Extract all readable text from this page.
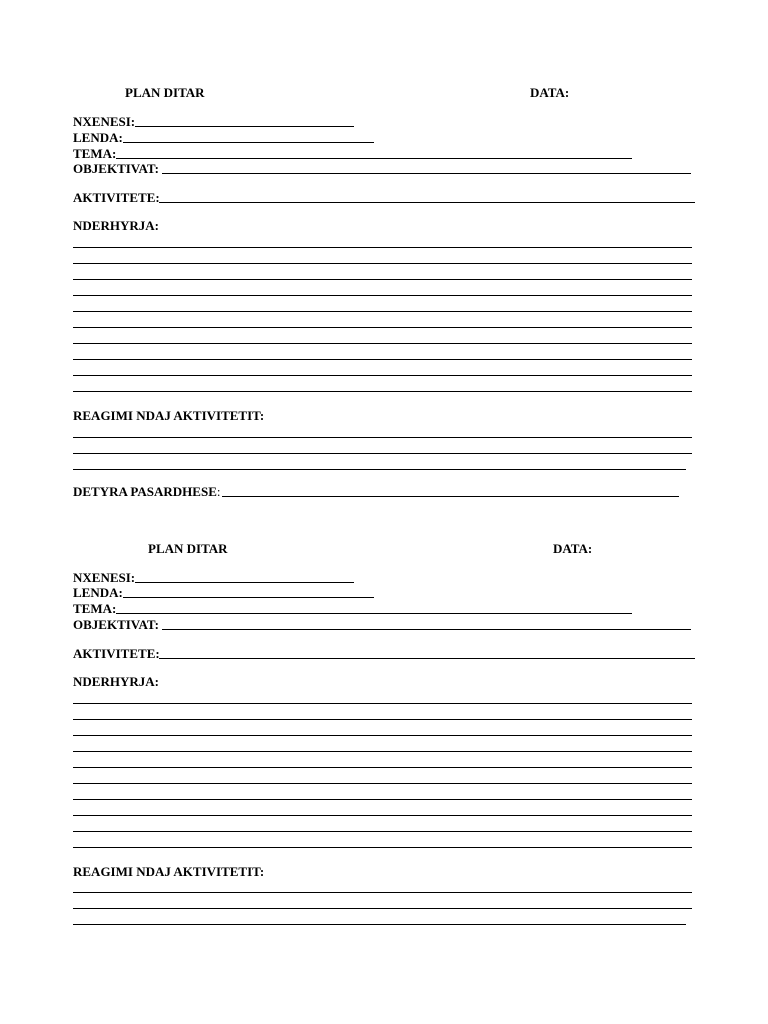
PLAN DITAR	DATA:
NXENESI:
LENDA:
TEMA:
OBJEKTIVAT:
AKTIVITETE:
NDERHYRJA:
REAGIMI NDAJ AKTIVITETIT:
DETYRA PASARDHESE:
PLAN DITAR	DATA:
NXENESI:
LENDA:
TEMA:
OBJEKTIVAT:
AKTIVITETE:
NDERHYRJA:
REAGIMI NDAJ AKTIVITETIT:
